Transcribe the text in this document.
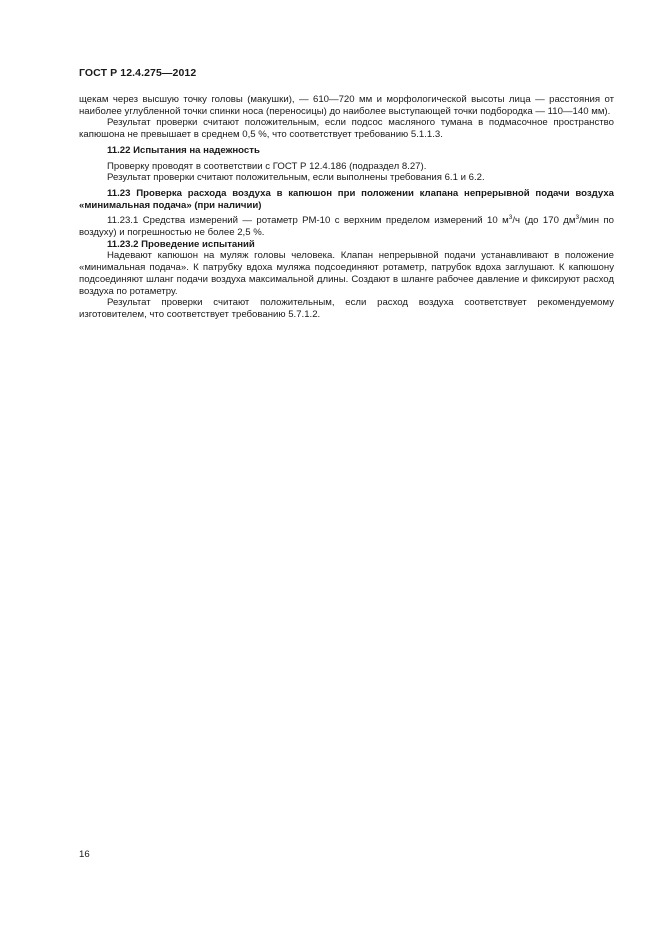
ГОСТ Р 12.4.275—2012

щекам через высшую точку головы (макушки), — 610—720 мм и морфологической высоты лица — расстояния от наиболее углубленной точки спинки носа (переносицы) до наиболее выступающей точки подбородка — 110—140 мм).

Результат проверки считают положительным, если подсос масляного тумана в подмасочное пространство капюшона не превышает в среднем 0,5 %, что соответствует требованию 5.1.1.3.

11.22 Испытания на надежность

Проверку проводят в соответствии с ГОСТ Р 12.4.186 (подраздел 8.27).

Результат проверки считают положительным, если выполнены требования 6.1 и 6.2.

11.23 Проверка расхода воздуха в капюшон при положении клапана непрерывной подачи воздуха «минимальная подача» (при наличии)

11.23.1 Средства измерений — ротаметр РМ-10 с верхним пределом измерений 10 $м^3/ч$ (до 170 $дм^3$/мин по воздуху) и погрешностью не более 2,5 %.

11.23.2 Проведение испытаний

Надевают капюшон на муляж головы человека. Клапан непрерывной подачи устанавливают в положение «минимальная подача». К патрубку вдоха муляжа подсоединяют ротаметр, патрубок вдоха заглушают. К капюшону подсоединяют шланг подачи воздуха максимальной длины. Создают в шланге рабочее давление и фиксируют расход воздуха по ротаметру.

Результат проверки считают положительным, если расход воздуха соответствует рекомендуемому изготовителем, что соответствует требованию 5.7.1.2.

16
